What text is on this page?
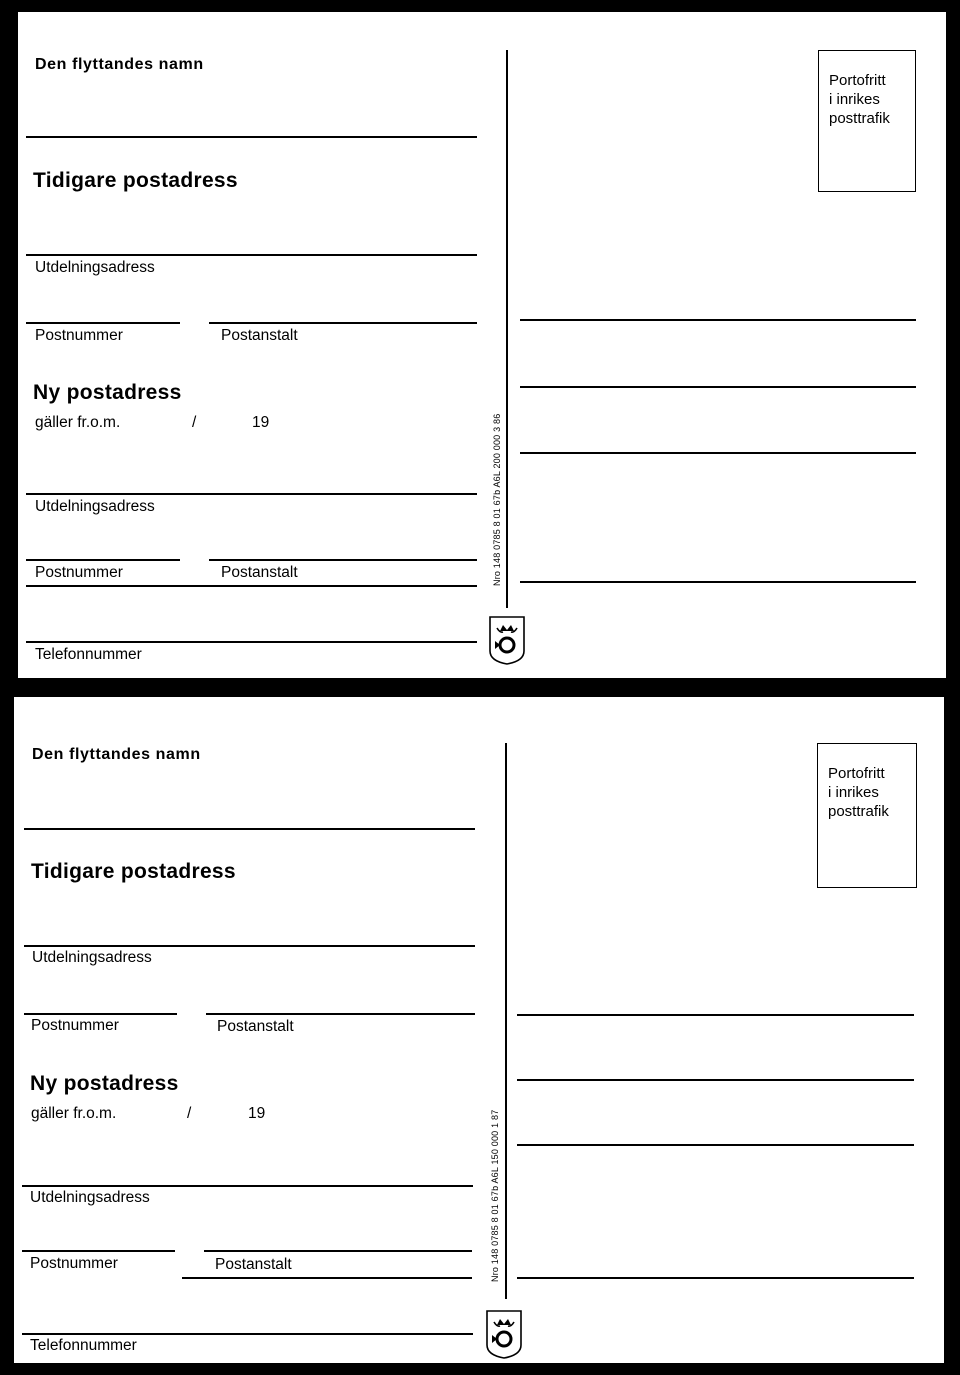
Den flyttandes namn
Tidigare postadress
Utdelningsadress
Postnummer	Postanstalt
Ny postadress
gäller fr.o.m.	/	19
Utdelningsadress
Postnummer	Postanstalt
Telefonnummer
Nro 148 0785 8 01 67b A6L 200 000 3 86
Portofritt
i inrikes
posttrafik
Den flyttandes namn
Tidigare postadress
Utdelningsadress
Postnummer	Postanstalt
Ny postadress
gäller fr.o.m.	/	19
Utdelningsadress
Postnummer	Postanstalt
Telefonnummer
Nro 148 0785 8 01 67b A6L 150 000 1 87
Portofritt
i inrikes
posttrafik
